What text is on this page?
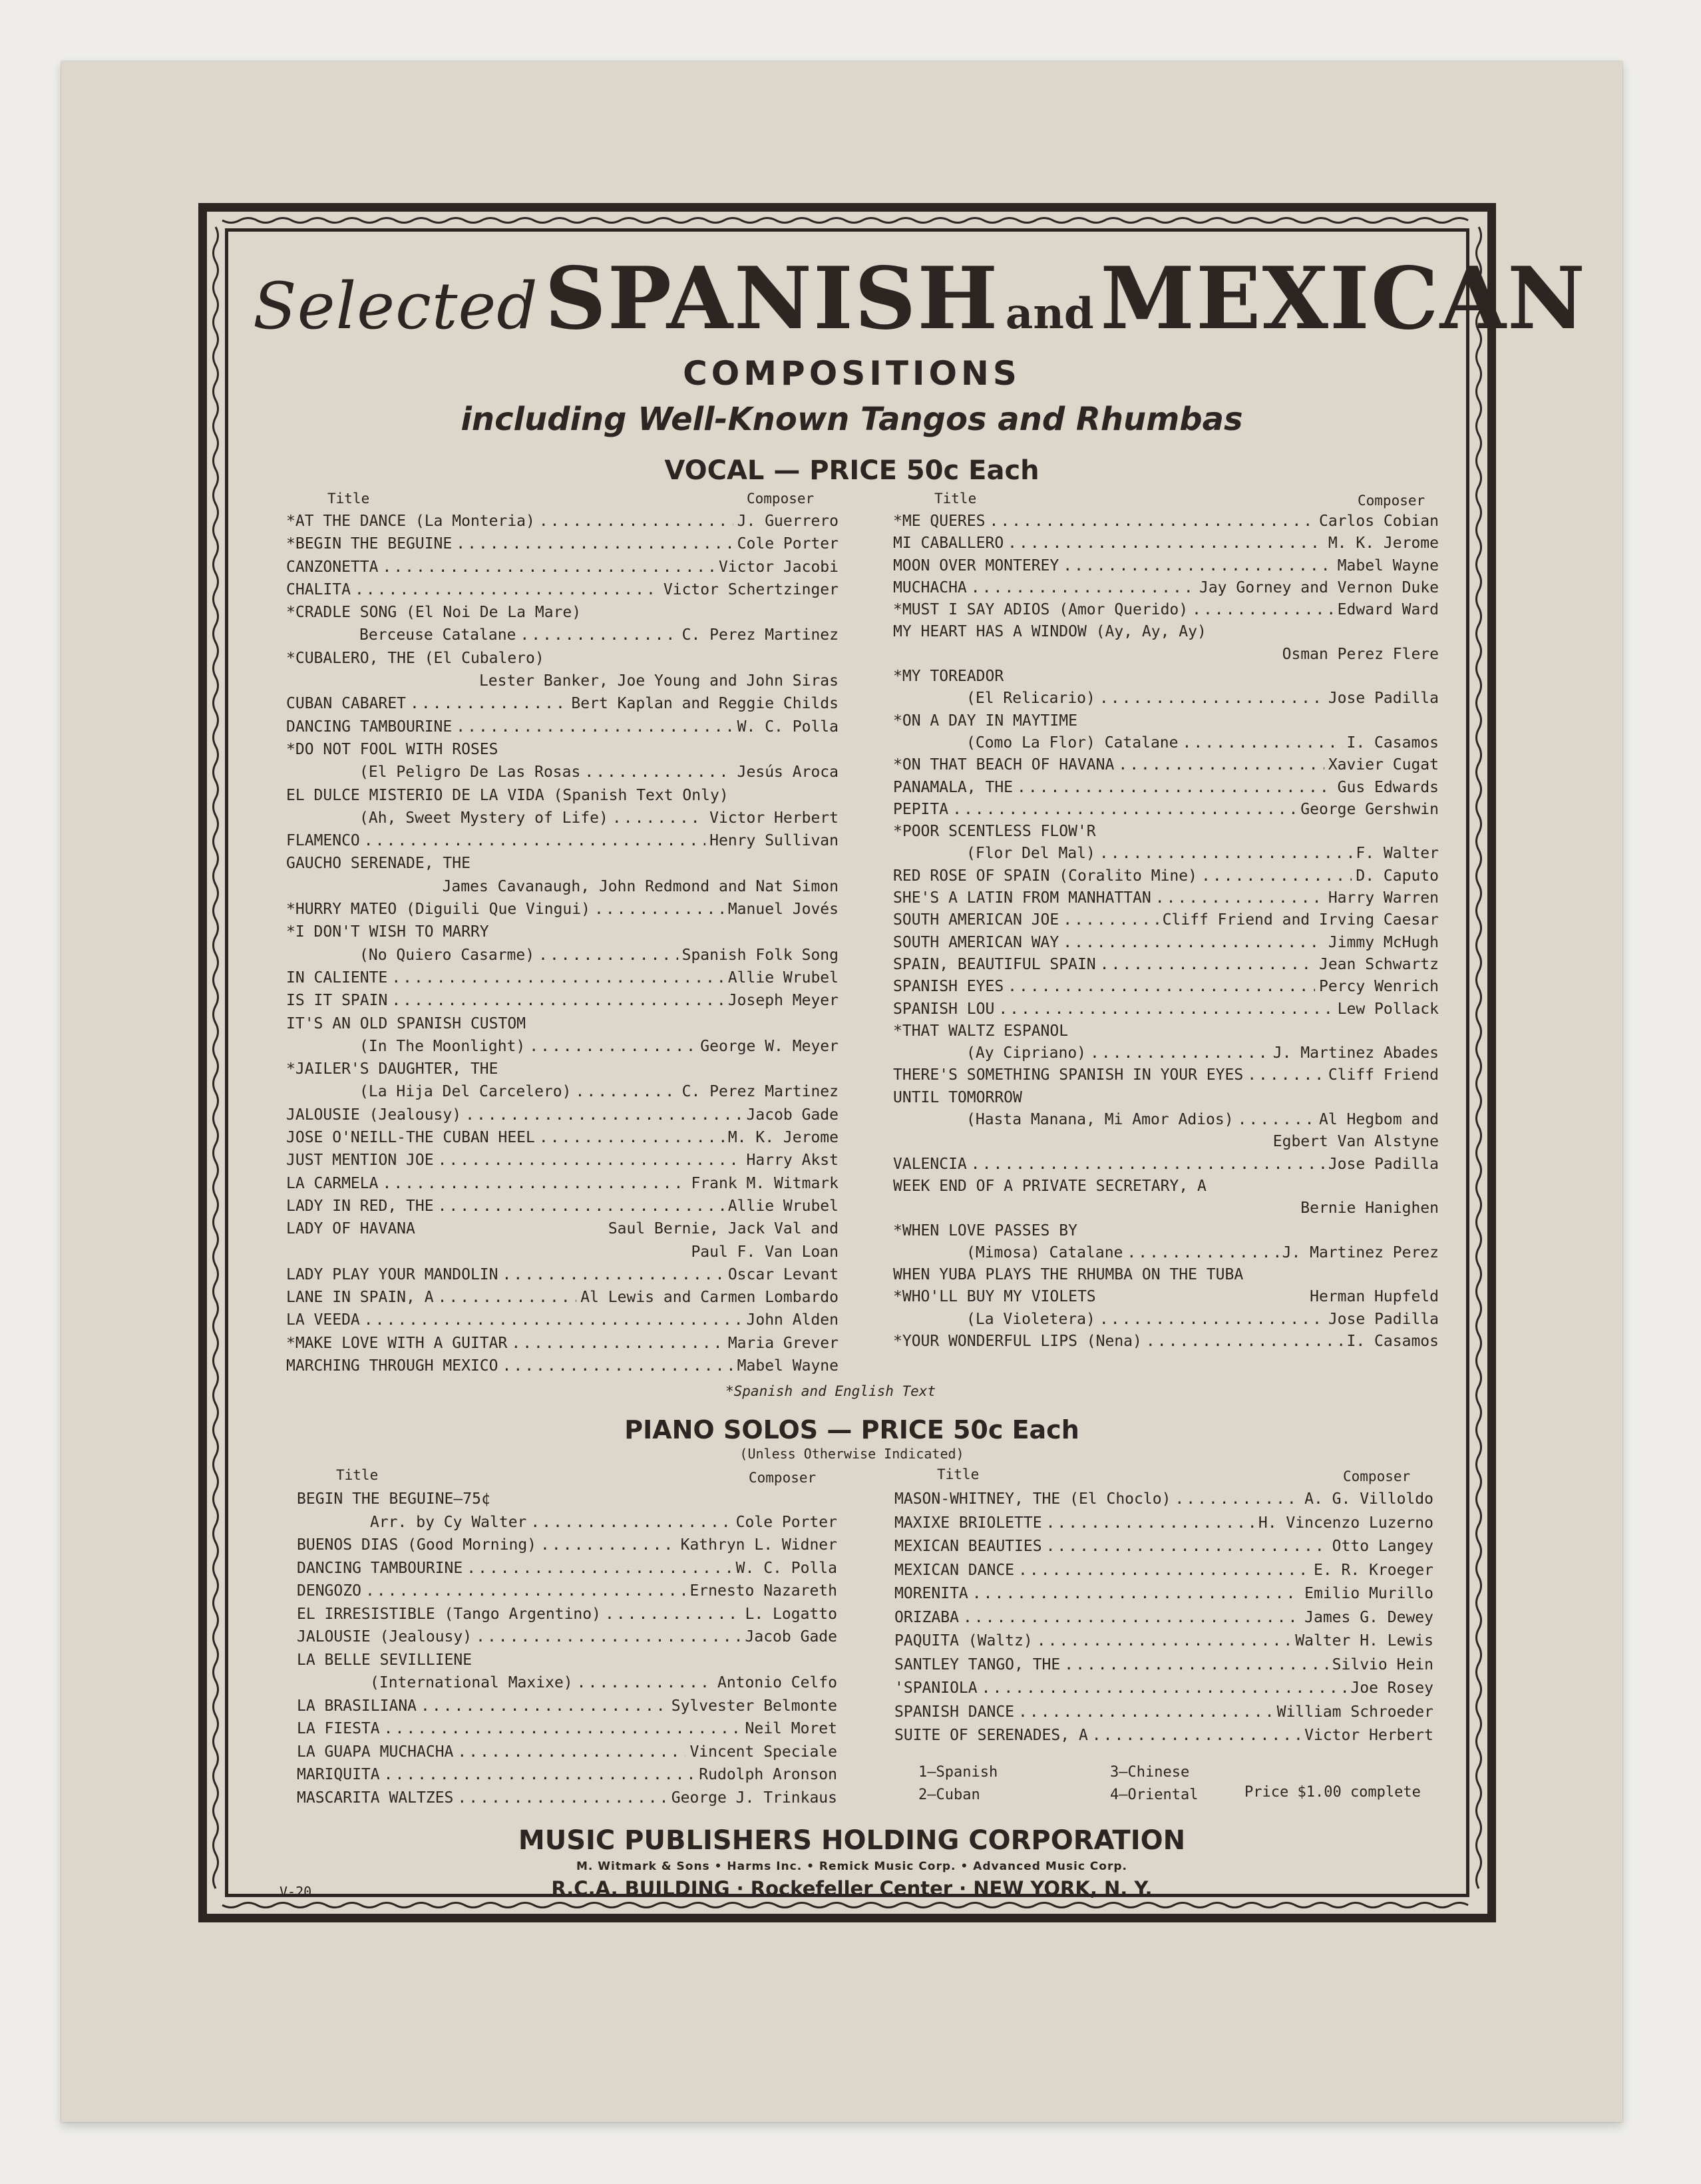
Selected SPANISH and MEXICAN
COMPOSITIONS
including Well-Known Tangos and Rhumbas
VOCAL — PRICE 50c Each
Title	Composer	Title	Composer
*AT THE DANCE (La Monteria) .....	J. Guerrero
*BEGIN THE BEGUINE .....	Cole Porter
CANZONETTA .....	Victor Jacobi
CHALITA .....	Victor Schertzinger
*CRADLE SONG (El Noi De La Mare)
Berceuse Catalane .....	C. Perez Martinez
*CUBALERO, THE (El Cubalero)
Lester Banker, Joe Young and John Siras
CUBAN CABARET .....	Bert Kaplan and Reggie Childs
DANCING TAMBOURINE .....	W. C. Polla
*DO NOT FOOL WITH ROSES
(El Peligro De Las Rosas .....	Jesús Aroca
EL DULCE MISTERIO DE LA VIDA (Spanish Text Only)
(Ah, Sweet Mystery of Life) .....	Victor Herbert
FLAMENCO .....	Henry Sullivan
GAUCHO SERENADE, THE
James Cavanaugh, John Redmond and Nat Simon
*HURRY MATEO (Diguili Que Vingui) .....	Manuel Jovés
*I DON'T WISH TO MARRY
(No Quiero Casarme) .....	Spanish Folk Song
IN CALIENTE .....	Allie Wrubel
IS IT SPAIN .....	Joseph Meyer
IT'S AN OLD SPANISH CUSTOM
(In The Moonlight) .....	George W. Meyer
*JAILER'S DAUGHTER, THE
(La Hija Del Carcelero) .....	C. Perez Martinez
JALOUSIE (Jealousy) .....	Jacob Gade
JOSE O'NEILL-THE CUBAN HEEL .....	M. K. Jerome
JUST MENTION JOE .....	Harry Akst
LA CARMELA .....	Frank M. Witmark
LADY IN RED, THE .....	Allie Wrubel
LADY OF HAVANA	Saul Bernie, Jack Val and
Paul F. Van Loan
LADY PLAY YOUR MANDOLIN .....	Oscar Levant
LANE IN SPAIN, A .....	Al Lewis and Carmen Lombardo
LA VEEDA .....	John Alden
*MAKE LOVE WITH A GUITAR .....	Maria Grever
MARCHING THROUGH MEXICO .....	Mabel Wayne
*ME QUERES .....	Carlos Cobian
MI CABALLERO .....	M. K. Jerome
MOON OVER MONTEREY .....	Mabel Wayne
MUCHACHA .....	Jay Gorney and Vernon Duke
*MUST I SAY ADIOS (Amor Querido) .....	Edward Ward
MY HEART HAS A WINDOW (Ay, Ay, Ay)
Osman Perez Flere
*MY TOREADOR
(El Relicario) .....	Jose Padilla
*ON A DAY IN MAYTIME
(Como La Flor) Catalane .....	I. Casamos
*ON THAT BEACH OF HAVANA .....	Xavier Cugat
PANAMALA, THE .....	Gus Edwards
PEPITA .....	George Gershwin
*POOR SCENTLESS FLOW'R
(Flor Del Mal) .....	F. Walter
RED ROSE OF SPAIN (Coralito Mine) .....	D. Caputo
SHE'S A LATIN FROM MANHATTAN .....	Harry Warren
SOUTH AMERICAN JOE .....	Cliff Friend and Irving Caesar
SOUTH AMERICAN WAY .....	Jimmy McHugh
SPAIN, BEAUTIFUL SPAIN .....	Jean Schwartz
SPANISH EYES .....	Percy Wenrich
SPANISH LOU .....	Lew Pollack
*THAT WALTZ ESPANOL
(Ay Cipriano) .....	J. Martinez Abades
THERE'S SOMETHING SPANISH IN YOUR EYES .....	Cliff Friend
UNTIL TOMORROW
(Hasta Manana, Mi Amor Adios) .....	Al Hegbom and
Egbert Van Alstyne
VALENCIA .....	Jose Padilla
WEEK END OF A PRIVATE SECRETARY, A
Bernie Hanighen
*WHEN LOVE PASSES BY
(Mimosa) Catalane .....	J. Martinez Perez
WHEN YUBA PLAYS THE RHUMBA ON THE TUBA
*WHO'LL BUY MY VIOLETS	Herman Hupfeld
(La Violetera) .....	Jose Padilla
*YOUR WONDERFUL LIPS (Nena) .....	I. Casamos
*Spanish and English Text
PIANO SOLOS — PRICE 50c Each
(Unless Otherwise Indicated)
Title	Composer	Title	Composer
BEGIN THE BEGUINE—75¢
Arr. by Cy Walter .....	Cole Porter
BUENOS DIAS (Good Morning) .....	Kathryn L. Widner
DANCING TAMBOURINE .....	W. C. Polla
DENGOZO .....	Ernesto Nazareth
EL IRRESISTIBLE (Tango Argentino) .....	L. Logatto
JALOUSIE (Jealousy) .....	Jacob Gade
LA BELLE SEVILLIENE
(International Maxixe) .....	Antonio Celfo
LA BRASILIANA .....	Sylvester Belmonte
LA FIESTA .....	Neil Moret
LA GUAPA MUCHACHA .....	Vincent Speciale
MARIQUITA .....	Rudolph Aronson
MASCARITA WALTZES .....	George J. Trinkaus
MASON-WHITNEY, THE (El Choclo) .....	A. G. Villoldo
MAXIXE BRIOLETTE .....	H. Vincenzo Luzerno
MEXICAN BEAUTIES .....	Otto Langey
MEXICAN DANCE .....	E. R. Kroeger
MORENITA .....	Emilio Murillo
ORIZABA .....	James G. Dewey
PAQUITA (Waltz) .....	Walter H. Lewis
SANTLEY TANGO, THE .....	Silvio Hein
'SPANIOLA .....	Joe Rosey
SPANISH DANCE .....	William Schroeder
SUITE OF SERENADES, A .....	Victor Herbert
1—Spanish
2—Cuban
3—Chinese
4—Oriental	Price $1.00 complete
MUSIC PUBLISHERS HOLDING CORPORATION
M. Witmark & Sons • Harms Inc. • Remick Music Corp. • Advanced Music Corp.
R.C.A. BUILDING · Rockefeller Center · NEW YORK, N. Y.
V-20
